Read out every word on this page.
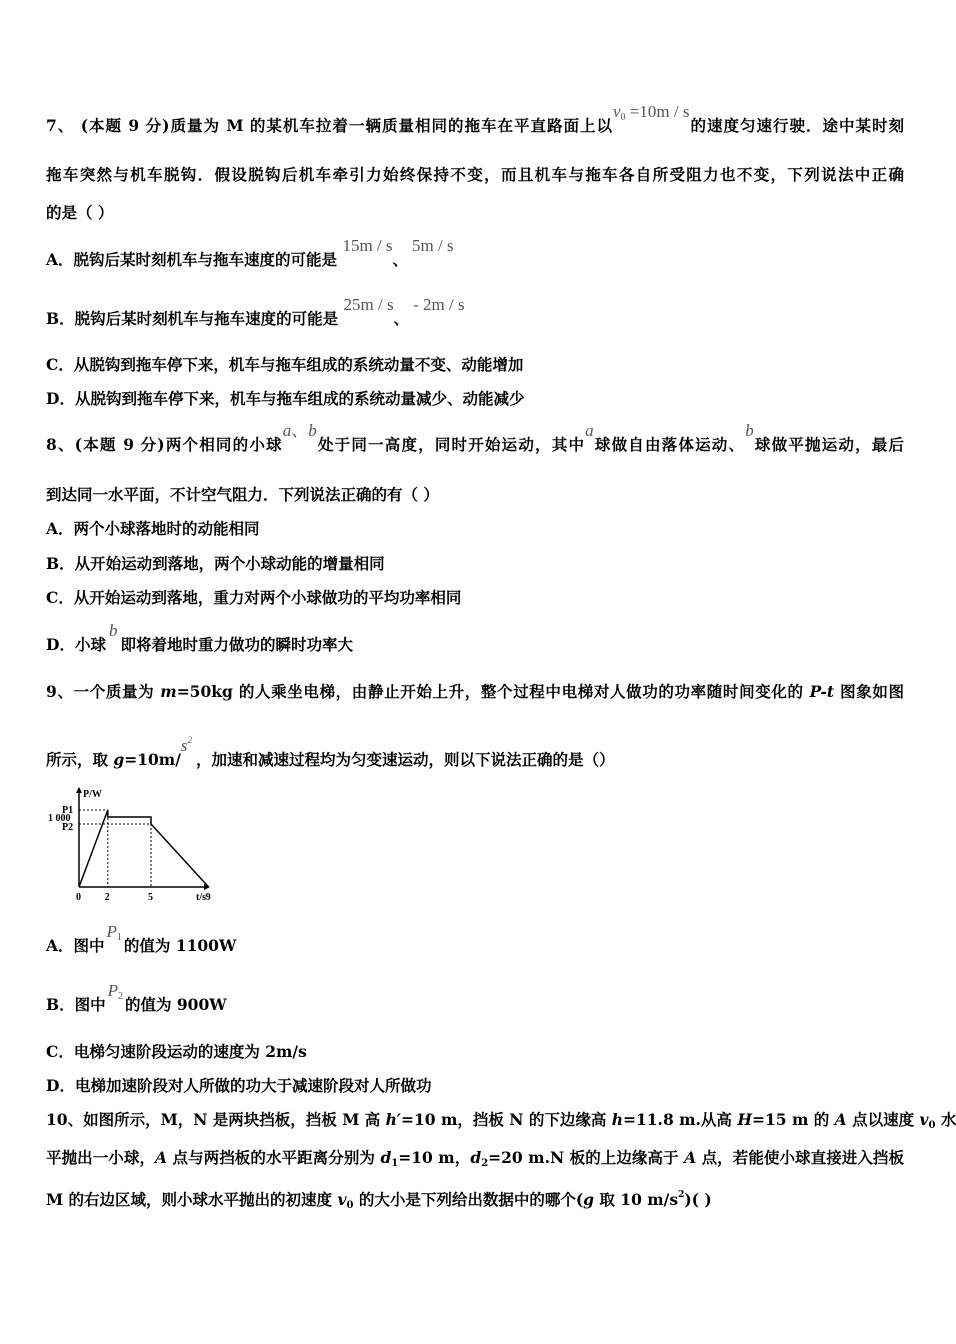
7、 (本题 9 分)质量为 M 的某机车拉着一辆质量相同的拖车在平直路面上以$v_0 =10m / s$的速度匀速行驶．途中某时刻
拖车突然与机车脱钩．假设脱钩后机车牵引力始终保持不变，而且机车与拖车各自所受阻力也不变，下列说法中正确
的是（ ）
A．脱钩后某时刻机车与拖车速度的可能是 15m / s、5m / s
B．脱钩后某时刻机车与拖车速度的可能是 25m / s、- 2m / s
C．从脱钩到拖车停下来，机车与拖车组成的系统动量不变、动能增加
D．从脱钩到拖车停下来，机车与拖车组成的系统动量减少、动能减少
8、(本题 9 分)两个相同的小球a、b处于同一高度，同时开始运动，其中a球做自由落体运动、b球做平抛运动，最后
到达同一水平面，不计空气阻力．下列说法正确的有（ ）
A．两个小球落地时的动能相同
B．从开始运动到落地，两个小球动能的增量相同
C．从开始运动到落地，重力对两个小球做功的平均功率相同
D．小球b即将着地时重力做功的瞬时功率大
9、一个质量为 m=50kg 的人乘坐电梯，由静止开始上升，整个过程中电梯对人做功的功率随时间变化的 P-t 图象如图
所示，取 $g=10m/s^2$，加速和减速过程均为匀变速运动，则以下说法正确的是（）
P/W
P1
1 000
P2
0 2	5	9
t/s
A．图中$P_1$ 的值为 1100W
B．图中$P_2$ 的值为 900W
C．电梯匀速阶段运动的速度为 2m/s
D．电梯加速阶段对人所做的功大于减速阶段对人所做功
10、如图所示，M，N 是两块挡板，挡板 M 高 h′=10 m，挡板 N 的下边缘高 h=11.8 m.从高 H=15 m 的 A 点以速度 $v_0$ 水
平抛出一小球，A 点与两挡板的水平距离分别为 $d_1=10$ m，$d_2=20$ m.N 板的上边缘高于 A 点，若能使小球直接进入挡板
M 的右边区域，则小球水平抛出的初速度 $v_0$ 的大小是下列给出数据中的哪个(g 取 10 $m/s^2$)( )
